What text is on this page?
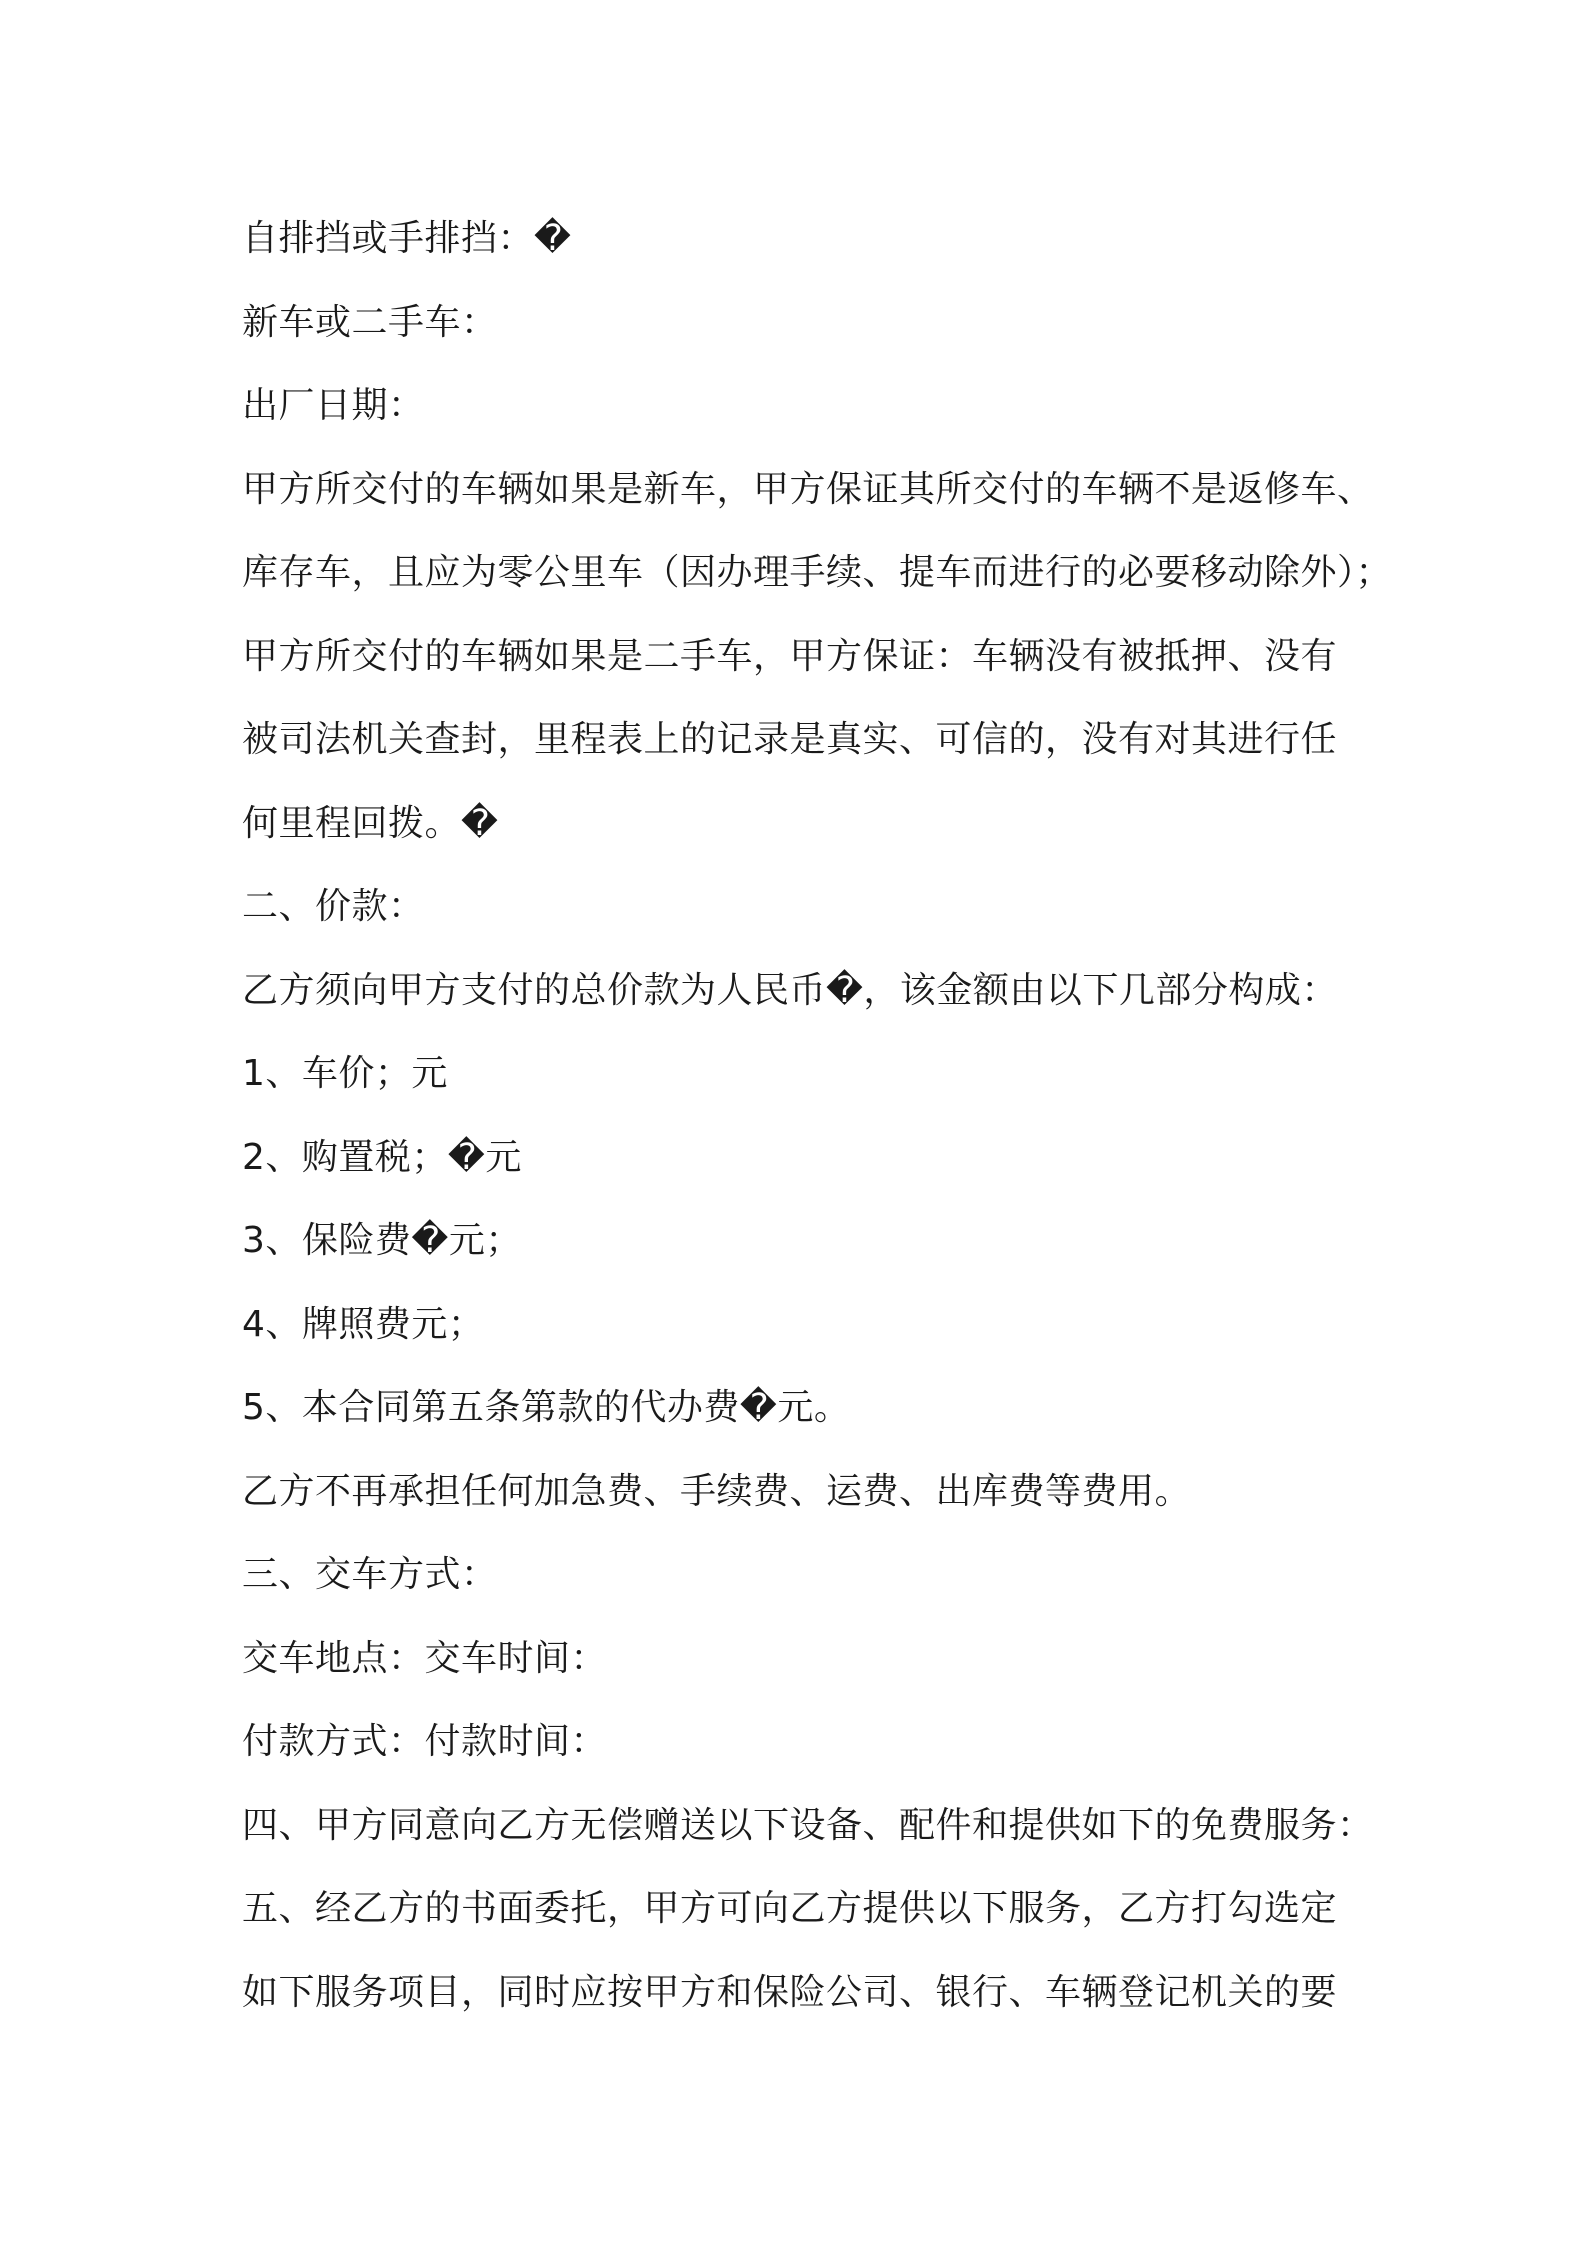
自排挡或手排挡：�
新车或二手车：
出厂日期：
甲方所交付的车辆如果是新车，甲方保证其所交付的车辆不是返修车、
库存车，且应为零公里车（因办理手续、提车而进行的必要移动除外）；
甲方所交付的车辆如果是二手车，甲方保证：车辆没有被抵押、没有
被司法机关查封，里程表上的记录是真实、可信的，没有对其进行任
何里程回拨。�
二、价款：
乙方须向甲方支付的总价款为人民币�，该金额由以下几部分构成：
1、车价；元
2、购置税；�元
3、保险费�元；
4、牌照费元；
5、本合同第五条第款的代办费�元。
乙方不再承担任何加急费、手续费、运费、出库费等费用。
三、交车方式：
交车地点：交车时间：
付款方式：付款时间：
四、甲方同意向乙方无偿赠送以下设备、配件和提供如下的免费服务：
五、经乙方的书面委托，甲方可向乙方提供以下服务，乙方打勾选定
如下服务项目，同时应按甲方和保险公司、银行、车辆登记机关的要
